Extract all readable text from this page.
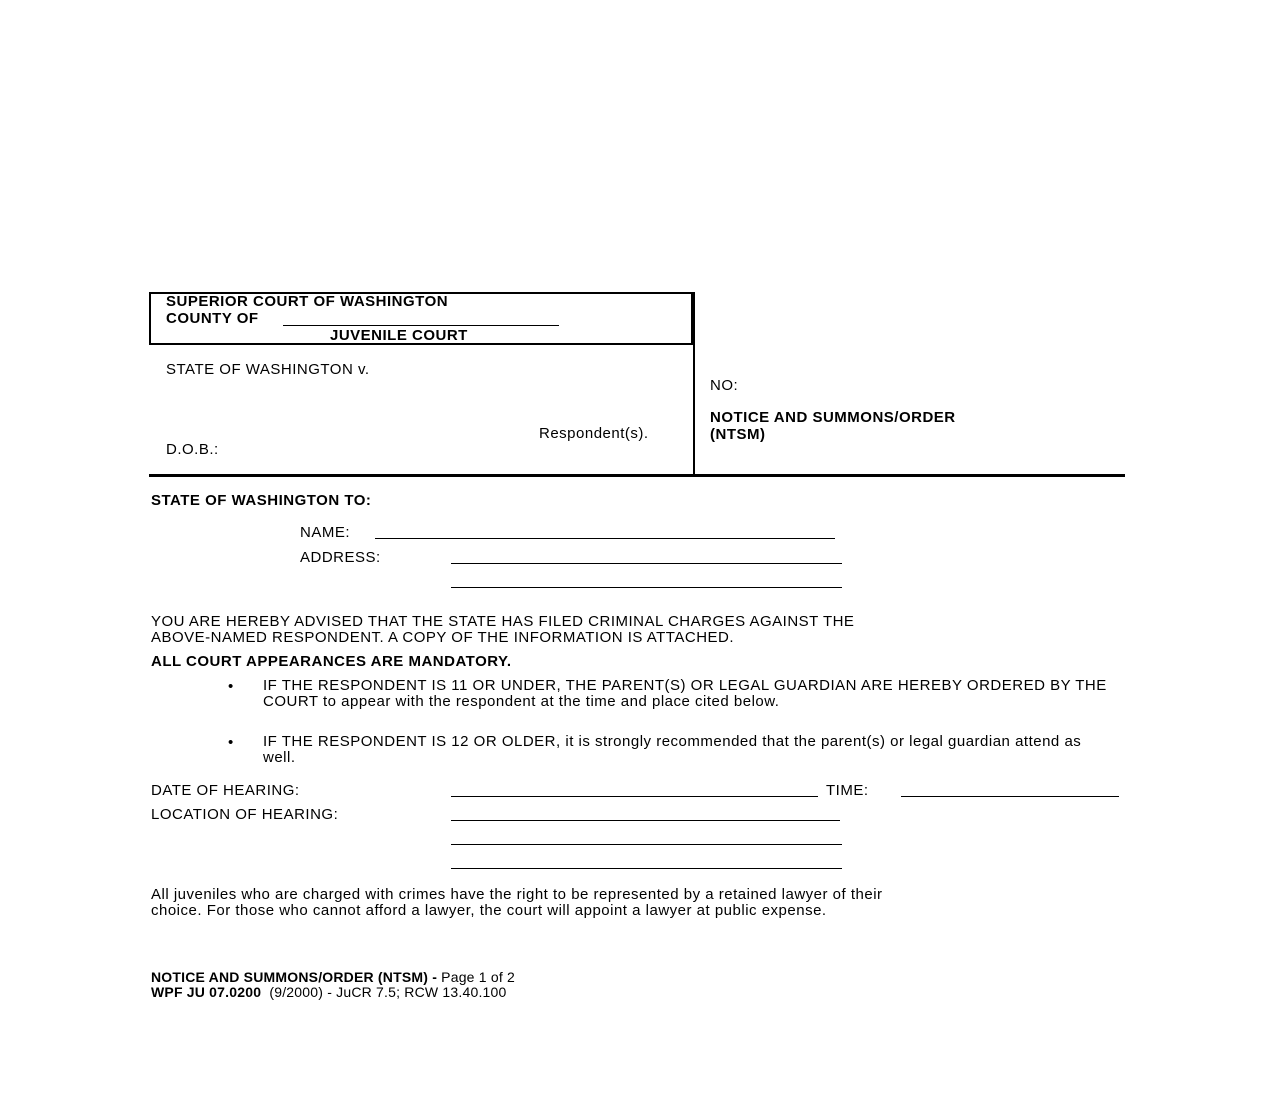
SUPERIOR COURT OF WASHINGTON
COUNTY OF
JUVENILE COURT
STATE OF WASHINGTON v.
Respondent(s).
D.O.B.:
NO:
NOTICE AND SUMMONS/ORDER
(NTSM)
STATE OF WASHINGTON TO:
NAME:
ADDRESS:
YOU ARE HEREBY ADVISED THAT THE STATE HAS FILED CRIMINAL CHARGES AGAINST THE
ABOVE-NAMED RESPONDENT. A COPY OF THE INFORMATION IS ATTACHED.
ALL COURT APPEARANCES ARE MANDATORY.
• IF THE RESPONDENT IS 11 OR UNDER, THE PARENT(S) OR LEGAL GUARDIAN ARE HEREBY ORDERED BY THE COURT to appear with the respondent at the time and place cited below.
• IF THE RESPONDENT IS 12 OR OLDER, it is strongly recommended that the parent(s) or legal guardian attend as well.
DATE OF HEARING:	TIME:
LOCATION OF HEARING:
All juveniles who are charged with crimes have the right to be represented by a retained lawyer of their
choice. For those who cannot afford a lawyer, the court will appoint a lawyer at public expense.
NOTICE AND SUMMONS/ORDER (NTSM) - Page 1 of 2
WPF JU 07.0200  (9/2000) - JuCR 7.5; RCW 13.40.100
